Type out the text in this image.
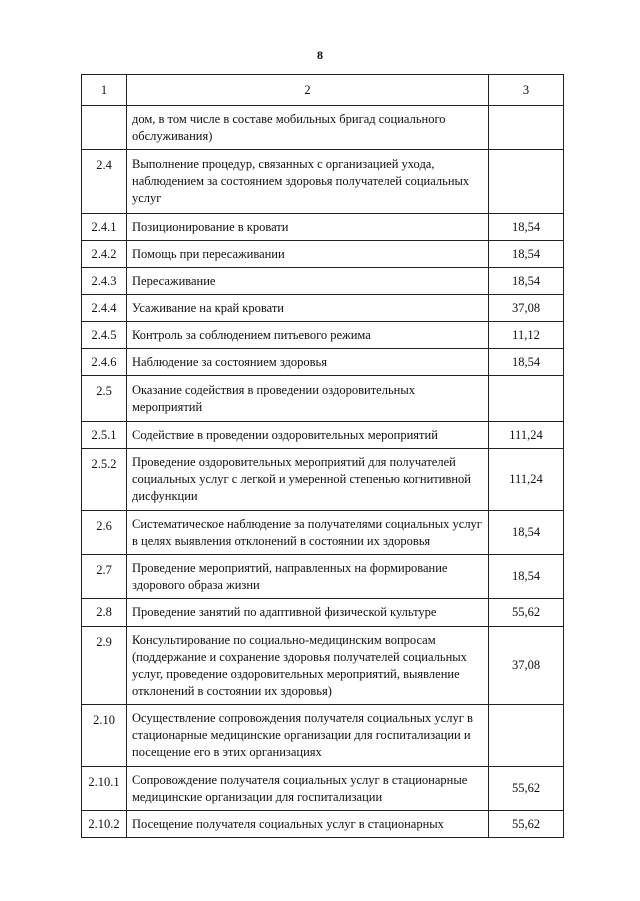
8
1	2	3
	дом, в том числе в составе мобильных бригад социального обслуживания)	
2.4	Выполнение процедур, связанных с организацией ухода, наблюдением за состоянием здоровья получателей социальных услуг	
2.4.1	Позиционирование в кровати	18,54
2.4.2	Помощь при пересаживании	18,54
2.4.3	Пересаживание	18,54
2.4.4	Усаживание на край кровати	37,08
2.4.5	Контроль за соблюдением питьевого режима	11,12
2.4.6	Наблюдение за состоянием здоровья	18,54
2.5	Оказание содействия в проведении оздоровительных мероприятий	
2.5.1	Содействие в проведении оздоровительных мероприятий	111,24
2.5.2	Проведение оздоровительных мероприятий для получателей социальных услуг с легкой и умеренной степенью когнитивной дисфункции	111,24
2.6	Систематическое наблюдение за получателями социальных услуг в целях выявления отклонений в состоянии их здоровья	18,54
2.7	Проведение мероприятий, направленных на формирование здорового образа жизни	18,54
2.8	Проведение занятий по адаптивной физической культуре	55,62
2.9	Консультирование по социально-медицинским вопросам (поддержание и сохранение здоровья получателей социальных услуг, проведение оздоровительных мероприятий, выявление отклонений в состоянии их здоровья)	37,08
2.10	Осуществление сопровождения получателя социальных услуг в стационарные медицинские организации для госпитализации и посещение его в этих организациях	
2.10.1	Сопровождение получателя социальных услуг в стационарные медицинские организации для госпитализации	55,62
2.10.2	Посещение получателя социальных услуг в стационарных	55,62
